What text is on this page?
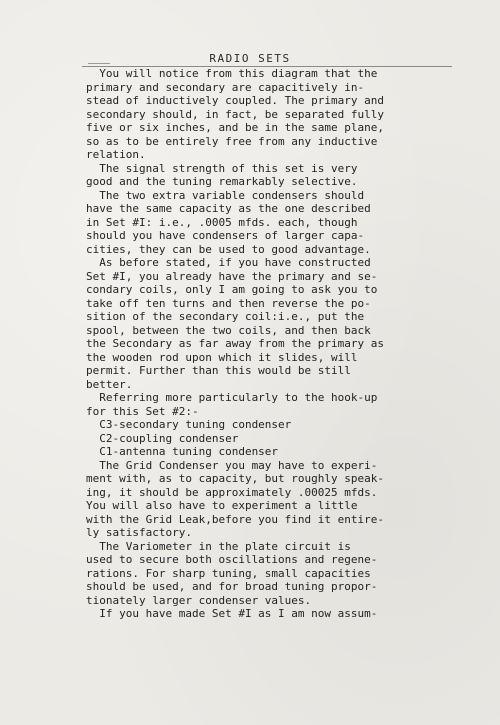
RADIO SETS
You will notice from this diagram that the
primary and secondary are capacitively in-
stead of inductively coupled. The primary and
secondary should, in fact, be separated fully
five or six inches, and be in the same plane,
so as to be entirely free from any inductive
relation.
The signal strength of this set is very
good and the tuning remarkably selective.
The two extra variable condensers should
have the same capacity as the one described
in Set #I: i.e., .0005 mfds. each, though
should you have condensers of larger capa-
cities, they can be used to good advantage.
As before stated, if you have constructed
Set #I, you already have the primary and se-
condary coils, only I am going to ask you to
take off ten turns and then reverse the po-
sition of the secondary coil:i.e., put the
spool, between the two coils, and then back
the Secondary as far away from the primary as
the wooden rod upon which it slides, will
permit. Further than this would be still
better.
Referring more particularly to the hook-up
for this Set #2:-
C3-secondary tuning condenser
C2-coupling condenser
C1-antenna tuning condenser
The Grid Condenser you may have to experi-
ment with, as to capacity, but roughly speak-
ing, it should be approximately .00025 mfds.
You will also have to experiment a little
with the Grid Leak,before you find it entire-
ly satisfactory.
The Variometer in the plate circuit is
used to secure both oscillations and regene-
rations. For sharp tuning, small capacities
should be used, and for broad tuning propor-
tionately larger condenser values.
If you have made Set #I as I am now assum-
